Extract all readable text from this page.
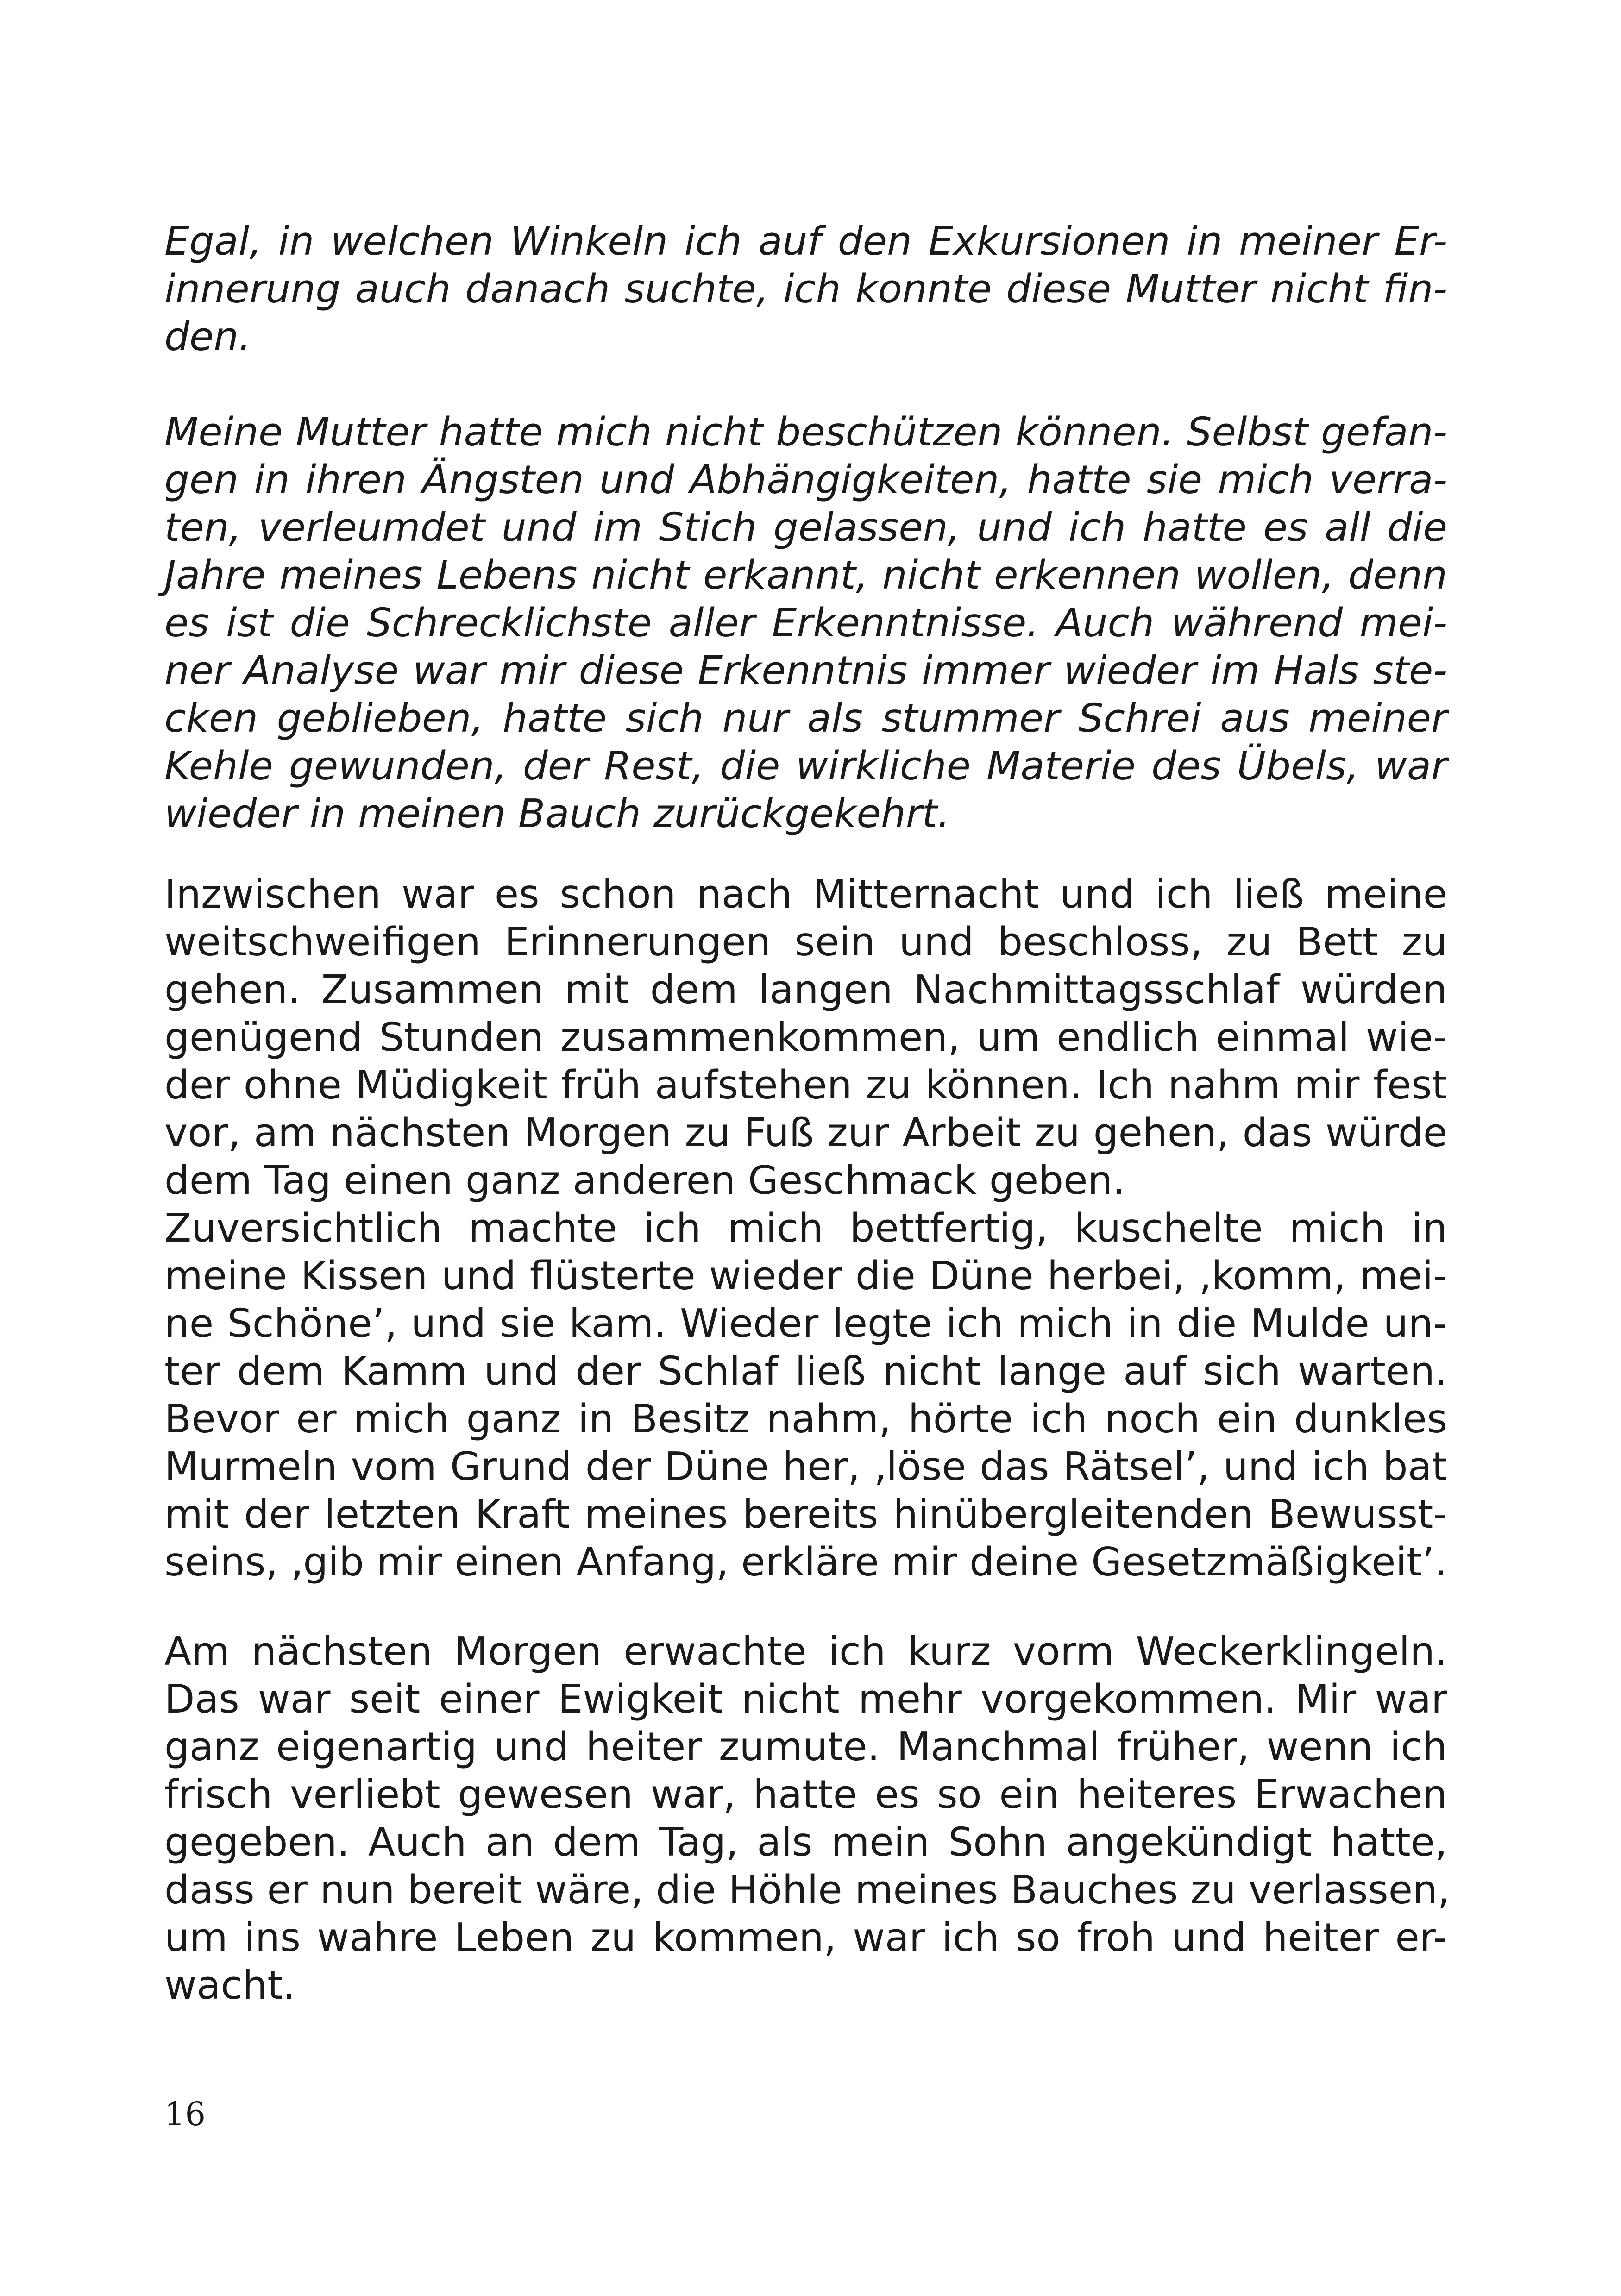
Egal, in welchen Winkeln ich auf den Exkursionen in meiner Er-
innerung auch danach suchte, ich konnte diese Mutter nicht fin-
den.
Meine Mutter hatte mich nicht beschützen können. Selbst gefan-
gen in ihren Ängsten und Abhängigkeiten, hatte sie mich verra-
ten, verleumdet und im Stich gelassen, und ich hatte es all die
Jahre meines Lebens nicht erkannt, nicht erkennen wollen, denn
es ist die Schrecklichste aller Erkenntnisse. Auch während mei-
ner Analyse war mir diese Erkenntnis immer wieder im Hals ste-
cken geblieben, hatte sich nur als stummer Schrei aus meiner
Kehle gewunden, der Rest, die wirkliche Materie des Übels, war
wieder in meinen Bauch zurückgekehrt.
Inzwischen war es schon nach Mitternacht und ich ließ meine
weitschweifigen Erinnerungen sein und beschloss, zu Bett zu
gehen. Zusammen mit dem langen Nachmittagsschlaf würden
genügend Stunden zusammenkommen, um endlich einmal wie-
der ohne Müdigkeit früh aufstehen zu können. Ich nahm mir fest
vor, am nächsten Morgen zu Fuß zur Arbeit zu gehen, das würde
dem Tag einen ganz anderen Geschmack geben.
Zuversichtlich machte ich mich bettfertig, kuschelte mich in
meine Kissen und flüsterte wieder die Düne herbei, ‚komm, mei-
ne Schöne’, und sie kam. Wieder legte ich mich in die Mulde un-
ter dem Kamm und der Schlaf ließ nicht lange auf sich warten.
Bevor er mich ganz in Besitz nahm, hörte ich noch ein dunkles
Murmeln vom Grund der Düne her, ‚löse das Rätsel’, und ich bat
mit der letzten Kraft meines bereits hinübergleitenden Bewusst-
seins, ‚gib mir einen Anfang, erkläre mir deine Gesetzmäßigkeit’.
Am nächsten Morgen erwachte ich kurz vorm Weckerklingeln.
Das war seit einer Ewigkeit nicht mehr vorgekommen. Mir war
ganz eigenartig und heiter zumute. Manchmal früher, wenn ich
frisch verliebt gewesen war, hatte es so ein heiteres Erwachen
gegeben. Auch an dem Tag, als mein Sohn angekündigt hatte,
dass er nun bereit wäre, die Höhle meines Bauches zu verlassen,
um ins wahre Leben zu kommen, war ich so froh und heiter er-
wacht.
16
